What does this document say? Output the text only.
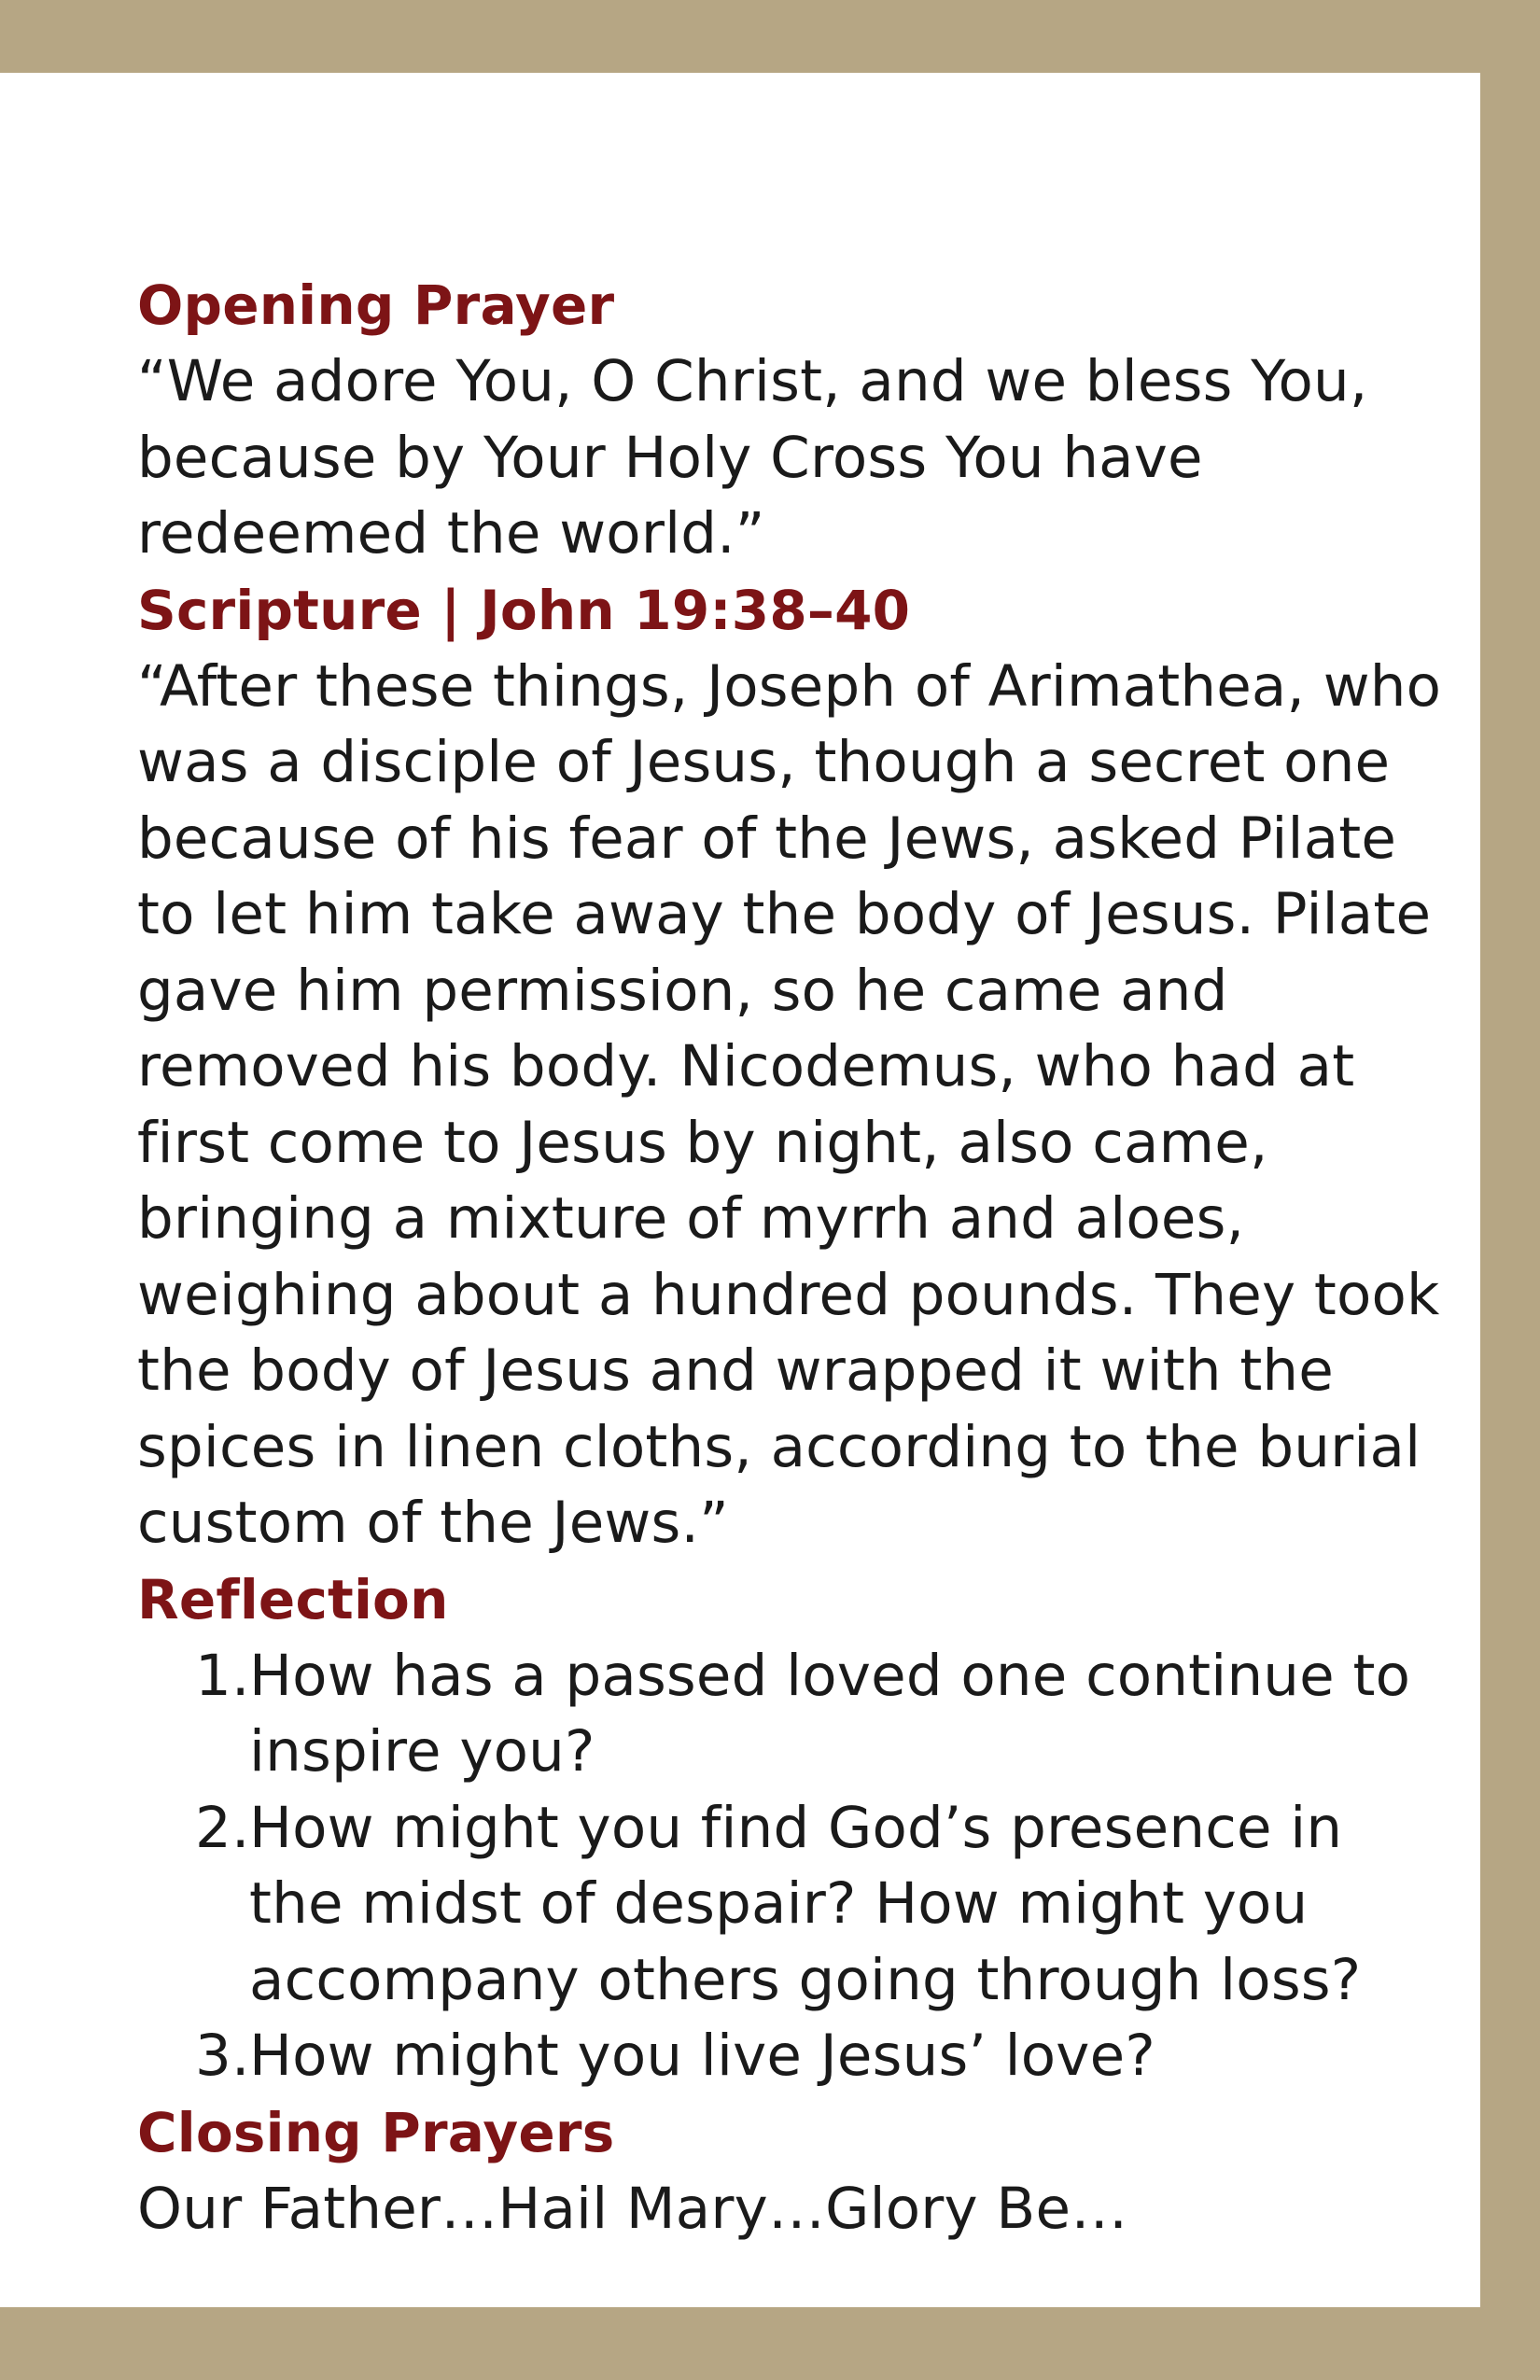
Opening Prayer

“We adore You, O Christ, and we bless You,
because by Your Holy Cross You have
redeemed the world.”

Scripture | John 19:38–40

“After these things, Joseph of Arimathea, who
was a disciple of Jesus, though a secret one
because of his fear of the Jews, asked Pilate
to let him take away the body of Jesus. Pilate
gave him permission, so he came and
removed his body. Nicodemus, who had at
first come to Jesus by night, also came,
bringing a mixture of myrrh and aloes,
weighing about a hundred pounds. They took
the body of Jesus and wrapped it with the
spices in linen cloths, according to the burial
custom of the Jews.”

Reflection
1. How has a passed loved one continue to
inspire you?
2. How might you find God’s presence in
the midst of despair? How might you
accompany others going through loss?
3. How might you live Jesus’ love?
Closing Prayers

Our Father…Hail Mary…Glory Be…
